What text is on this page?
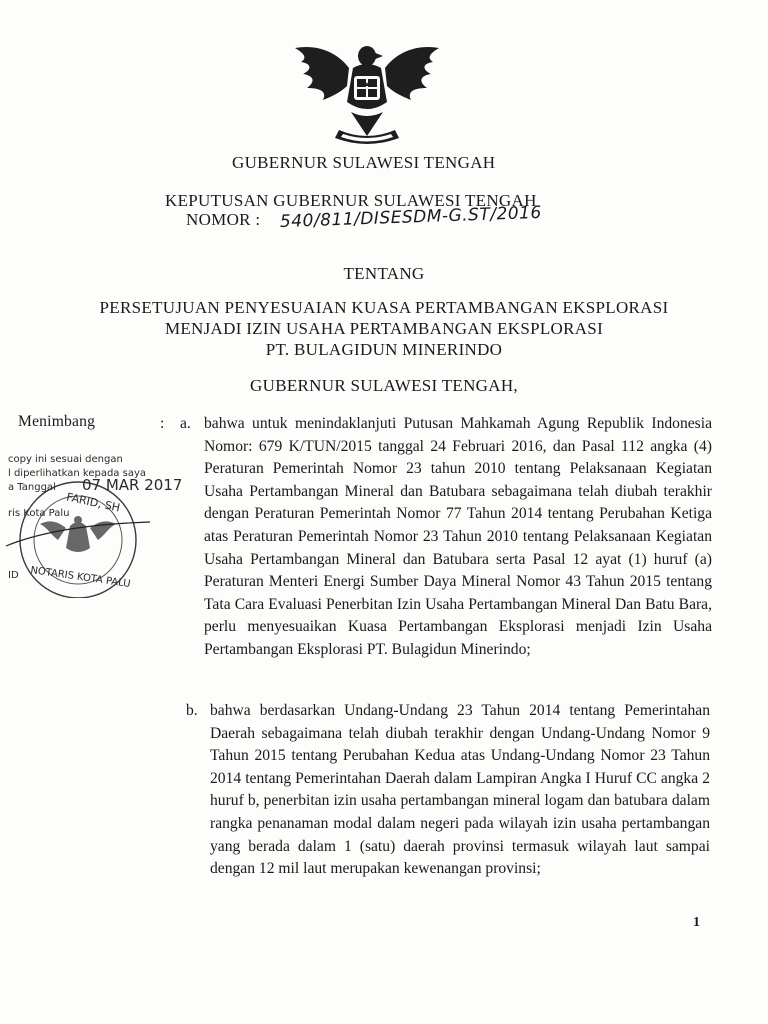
GUBERNUR SULAWESI TENGAH
KEPUTUSAN GUBERNUR SULAWESI TENGAH
NOMOR : 540/811/DISESDM-G.ST/2016
TENTANG
PERSETUJUAN PENYESUAIAN KUASA PERTAMBANGAN EKSPLORASI
MENJADI IZIN USAHA PERTAMBANGAN EKSPLORASI
PT. BULAGIDUN MINERINDO
GUBERNUR SULAWESI TENGAH,
Menimbang	: a. bahwa untuk menindaklanjuti Putusan Mahkamah Agung Republik Indonesia Nomor: 679 K/TUN/2015 tanggal 24 Februari 2016, dan Pasal 112 angka (4) Peraturan Pemerintah Nomor 23 tahun 2010 tentang Pelaksanaan Kegiatan Usaha Pertambangan Mineral dan Batubara sebagaimana telah diubah terakhir dengan Peraturan Pemerintah Nomor 77 Tahun 2014 tentang Perubahan Ketiga atas Peraturan Pemerintah Nomor 23 Tahun 2010 tentang Pelaksanaan Kegiatan Usaha Pertambangan Mineral dan Batubara serta Pasal 12 ayat (1) huruf (a) Peraturan Menteri Energi Sumber Daya Mineral Nomor 43 Tahun 2015 tentang Tata Cara Evaluasi Penerbitan Izin Usaha Pertambangan Mineral Dan Batu Bara, perlu menyesuaikan Kuasa Pertambangan Eksplorasi menjadi Izin Usaha Pertambangan Eksplorasi PT. Bulagidun Minerindo;
b. bahwa berdasarkan Undang-Undang 23 Tahun 2014 tentang Pemerintahan Daerah sebagaimana telah diubah terakhir dengan Undang-Undang Nomor 9 Tahun 2015 tentang Perubahan Kedua atas Undang-Undang Nomor 23 Tahun 2014 tentang Pemerintahan Daerah dalam Lampiran Angka I Huruf CC angka 2 huruf b, penerbitan izin usaha pertambangan mineral logam dan batubara dalam rangka penanaman modal dalam negeri pada wilayah izin usaha pertambangan yang berada dalam 1 (satu) daerah provinsi termasuk wilayah laut sampai dengan 12 mil laut merupakan kewenangan provinsi;
copy ini sesuai dengan
l diperlihatkan kepada saya
a Tanggal 07 MAR 2017
FARID, SH
ris Kota Palu
ID NOTARIS KOTA PALU
1
